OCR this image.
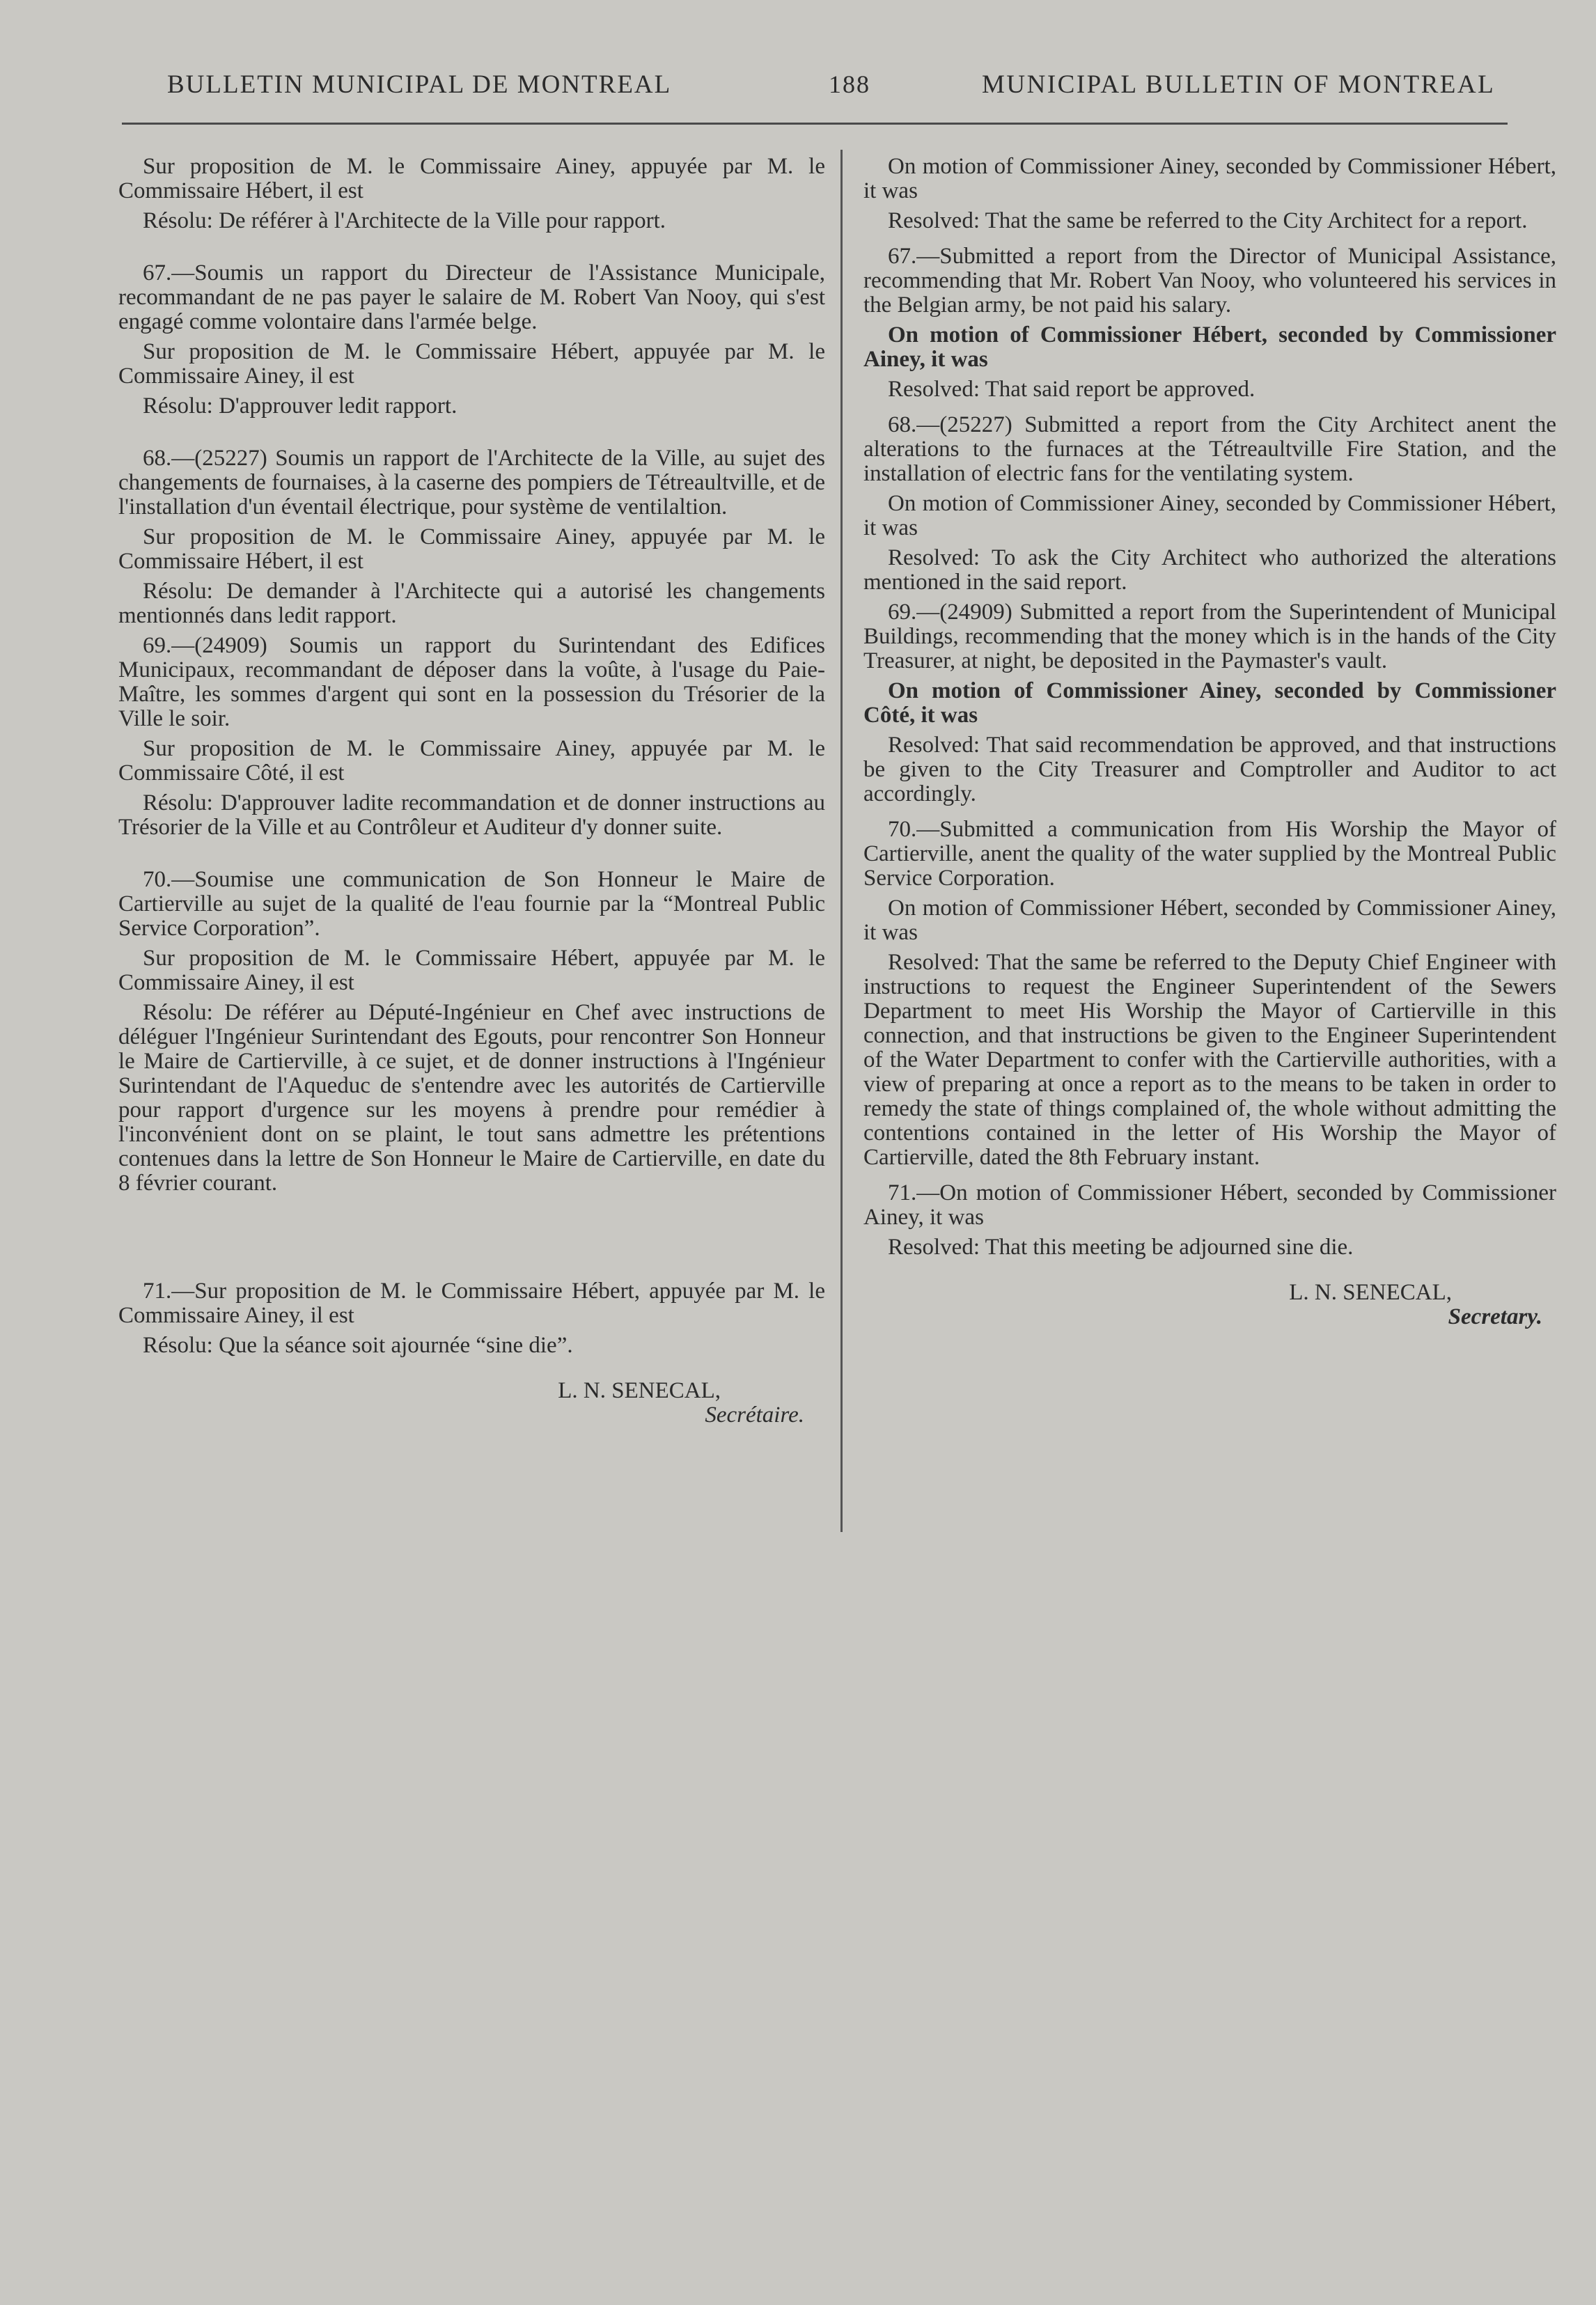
BULLETIN MUNICIPAL DE MONTREAL	188	MUNICIPAL BULLETIN OF MONTREAL

Sur proposition de M. le Commissaire Ainey, appuyée par M. le Commissaire Hébert, il est

Résolu: De référer à l'Architecte de la Ville pour rapport.

67.—Soumis un rapport du Directeur de l'Assistance Municipale, recommandant de ne pas payer le salaire de M. Robert Van Nooy, qui s'est engagé comme volontaire dans l'armée belge.

Sur proposition de M. le Commissaire Hébert, appuyée par M. le Commissaire Ainey, il est

Résolu: D'approuver ledit rapport.

68.—(25227) Soumis un rapport de l'Architecte de la Ville, au sujet des changements de fournaises, à la caserne des pompiers de Tétreaultville, et de l'installation d'un éventail électrique, pour système de ventilaltion.

Sur proposition de M. le Commissaire Ainey, appuyée par M. le Commissaire Hébert, il est

Résolu: De demander à l'Architecte qui a autorisé les changements mentionnés dans ledit rapport.

69.—(24909) Soumis un rapport du Surintendant des Edifices Municipaux, recommandant de déposer dans la voûte, à l'usage du Paie-Maître, les sommes d'argent qui sont en la possession du Trésorier de la Ville le soir.

Sur proposition de M. le Commissaire Ainey, appuyée par M. le Commissaire Côté, il est

Résolu: D'approuver ladite recommandation et de donner instructions au Trésorier de la Ville et au Contrôleur et Auditeur d'y donner suite.

70.—Soumise une communication de Son Honneur le Maire de Cartierville au sujet de la qualité de l'eau fournie par la “Montreal Public Service Corporation”.

Sur proposition de M. le Commissaire Hébert, appuyée par M. le Commissaire Ainey, il est

Résolu: De référer au Député-Ingénieur en Chef avec instructions de déléguer l'Ingénieur Surintendant des Egouts, pour rencontrer Son Honneur le Maire de Cartierville, à ce sujet, et de donner instructions à l'Ingénieur Surintendant de l'Aqueduc de s'entendre avec les autorités de Cartierville pour rapport d'urgence sur les moyens à prendre pour remédier à l'inconvénient dont on se plaint, le tout sans admettre les prétentions contenues dans la lettre de Son Honneur le Maire de Cartierville, en date du 8 février courant.

71.—Sur proposition de M. le Commissaire Hébert, appuyée par M. le Commissaire Ainey, il est

Résolu: Que la séance soit ajournée “sine die”.

L. N. SENECAL,

Secrétaire.

On motion of Commissioner Ainey, seconded by Commissioner Hébert, it was

Resolved: That the same be referred to the City Architect for a report.

67.—Submitted a report from the Director of Municipal Assistance, recommending that Mr. Robert Van Nooy, who volunteered his services in the Belgian army, be not paid his salary.

On motion of Commissioner Hébert, seconded by Commissioner Ainey, it was

Resolved: That said report be approved.

68.—(25227) Submitted a report from the City Architect anent the alterations to the furnaces at the Tétreaultville Fire Station, and the installation of electric fans for the ventilating system.

On motion of Commissioner Ainey, seconded by Commissioner Hébert, it was

Resolved: To ask the City Architect who authorized the alterations mentioned in the said report.

69.—(24909) Submitted a report from the Superintendent of Municipal Buildings, recommending that the money which is in the hands of the City Treasurer, at night, be deposited in the Paymaster's vault.

On motion of Commissioner Ainey, seconded by Commissioner Côté, it was

Resolved: That said recommendation be approved, and that instructions be given to the City Treasurer and Comptroller and Auditor to act accordingly.

70.—Submitted a communication from His Worship the Mayor of Cartierville, anent the quality of the water supplied by the Montreal Public Service Corporation.

On motion of Commissioner Hébert, seconded by Commissioner Ainey, it was

Resolved: That the same be referred to the Deputy Chief Engineer with instructions to request the Engineer Superintendent of the Sewers Department to meet His Worship the Mayor of Cartierville in this connection, and that instructions be given to the Engineer Superintendent of the Water Department to confer with the Cartierville authorities, with a view of preparing at once a report as to the means to be taken in order to remedy the state of things complained of, the whole without admitting the contentions contained in the letter of His Worship the Mayor of Cartierville, dated the 8th February instant.

71.—On motion of Commissioner Hébert, seconded by Commissioner Ainey, it was

Resolved: That this meeting be adjourned sine die.

L. N. SENECAL,

Secretary.
